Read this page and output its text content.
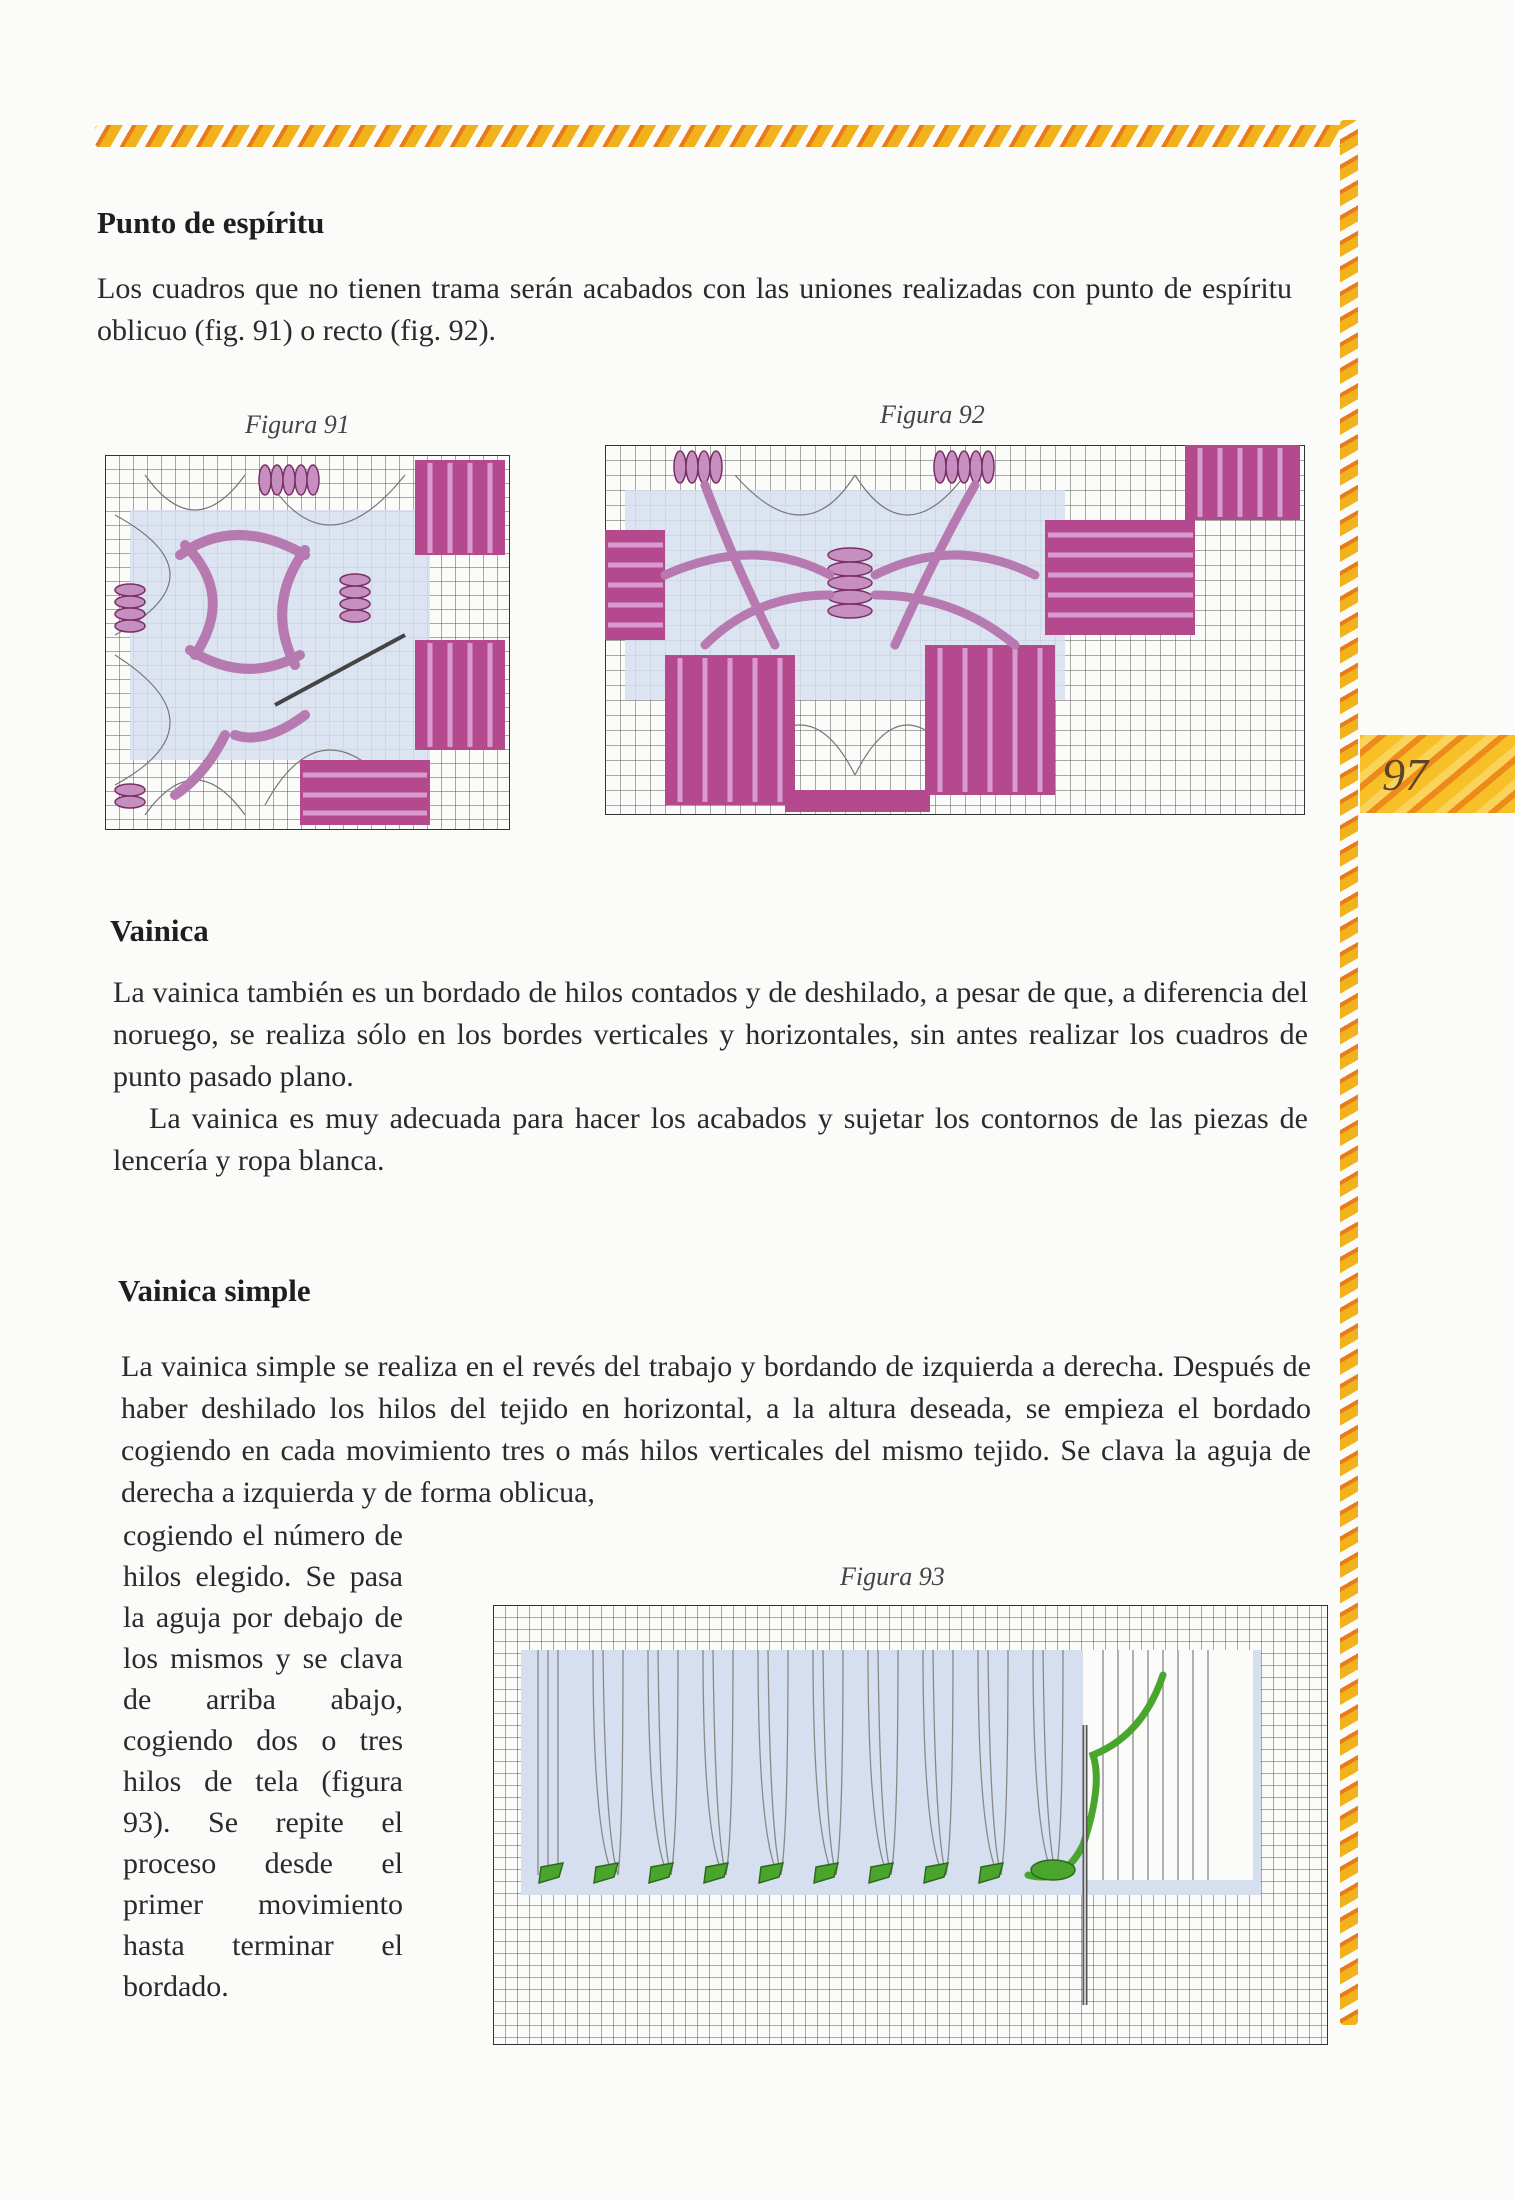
97
Punto de espíritu

Los cuadros que no tienen trama serán acabados con las uniones realizadas con punto de espíritu oblicuo (fig. 91) o recto (fig. 92).

Figura 91	Figura 92
Vainica

La vainica también es un bordado de hilos contados y de deshilado, a pesar de que, a diferencia del noruego, se realiza sólo en los bordes verticales y horizontales, sin antes realizar los cuadros de punto pasado plano.

La vainica es muy adecuada para hacer los acabados y sujetar los contornos de las piezas de lencería y ropa blanca.

Vainica simple

La vainica simple se realiza en el revés del trabajo y bordando de izquierda a derecha. Después de haber deshilado los hilos del tejido en horizontal, a la altura deseada, se empieza el bordado cogiendo en cada movimiento tres o más hilos verticales del mismo tejido. Se clava la aguja de derecha a izquierda y de forma oblicua,

cogiendo el número de hilos elegido. Se pasa la aguja por debajo de los mismos y se clava de arriba abajo, cogiendo dos o tres hilos de tela (figura 93). Se repite el proceso desde el primer movimiento hasta terminar el bordado.

Figura 93
